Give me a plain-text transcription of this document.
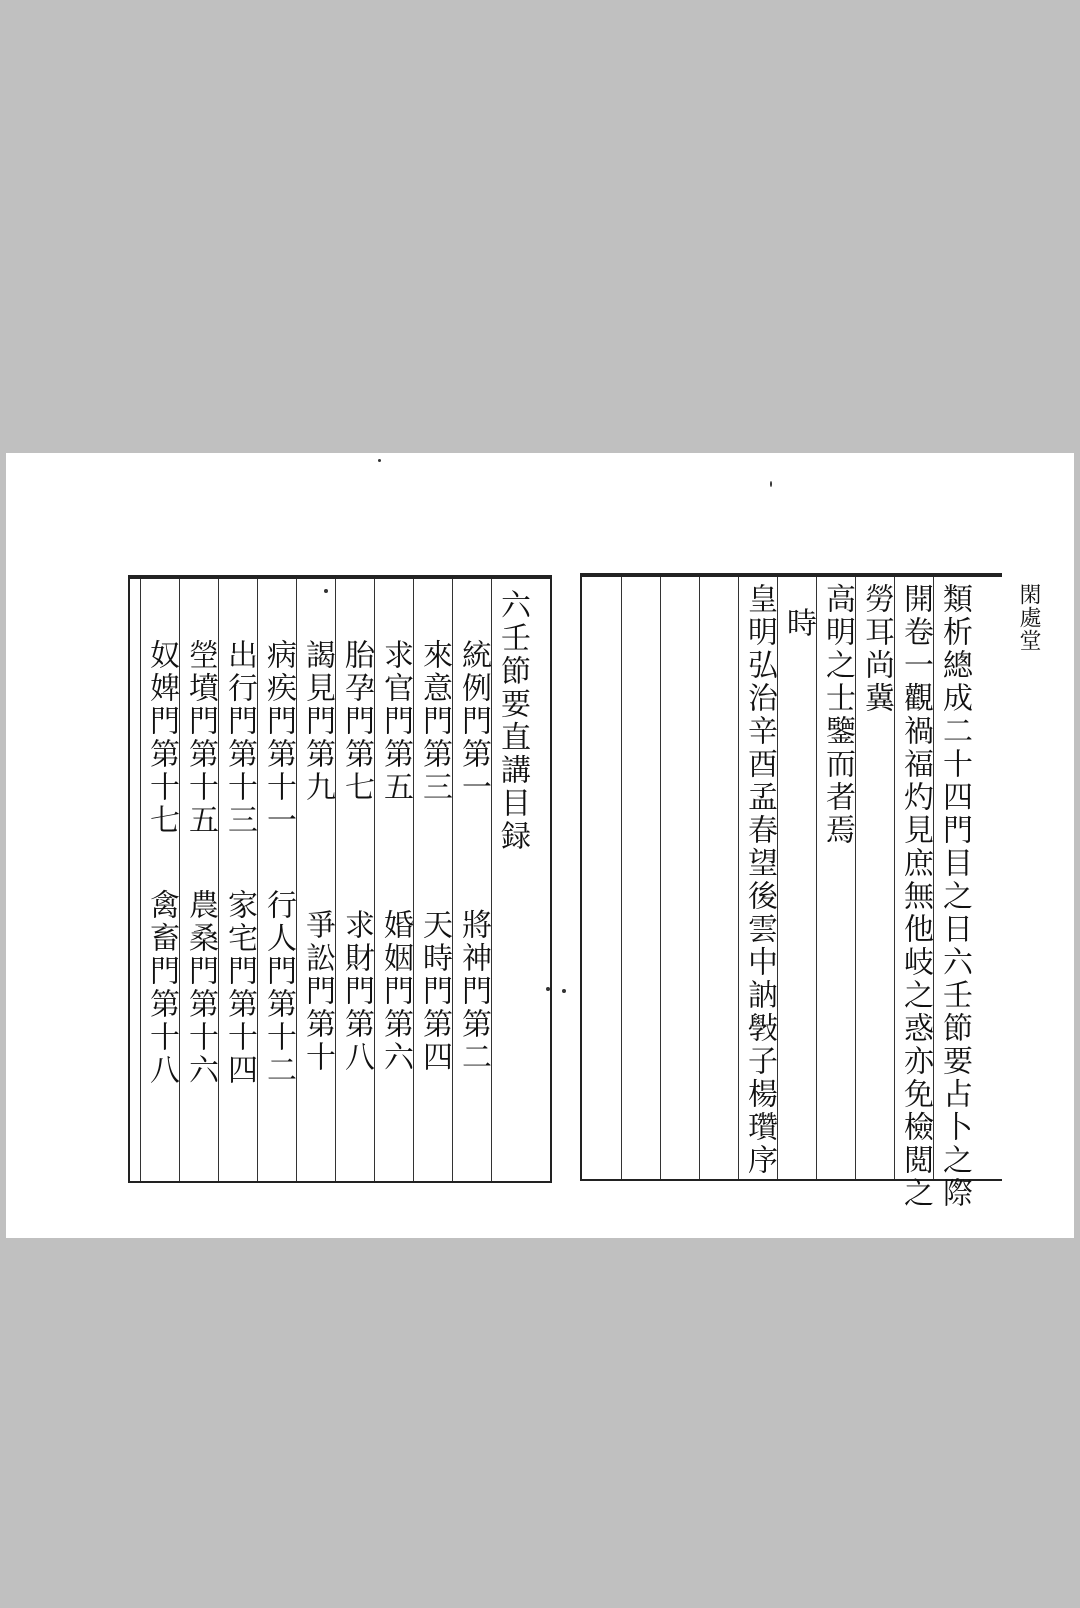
六壬節要直講目録
統例門第一
將神門第二
來意門第三
天時門第四
求官門第五
婚姻門第六
胎孕門第七
求財門第八
謁見門第九
爭訟門第十
病疾門第十一
行人門第十二
出行門第十三
家宅門第十四
塋墳門第十五
農桑門第十六
奴婢門第十七
禽畜門第十八	類析總成二十四門目之日六壬節要占卜之際
開卷一觀禍福灼見庶無他岐之惑亦免檢閲之
勞耳尚冀
高明之士鑒而者焉
時
皇明弘治辛酉孟春望後雲中訥斅子楊瓚序	閑處堂
